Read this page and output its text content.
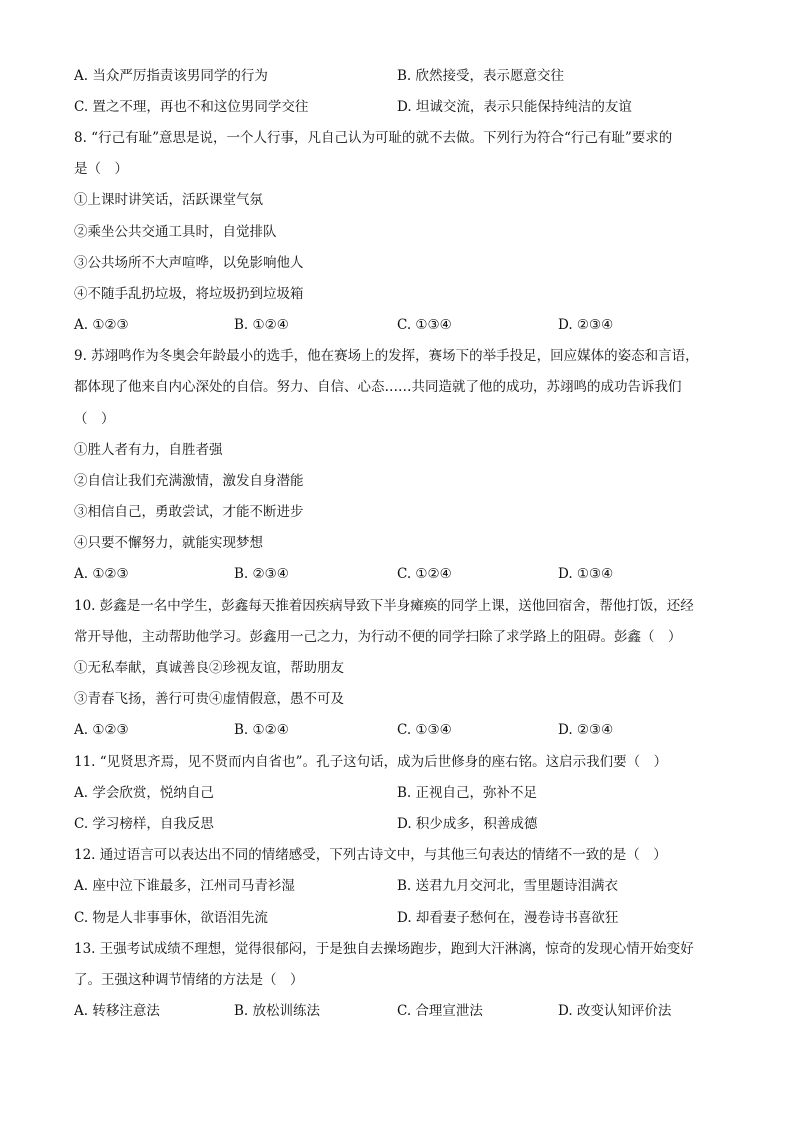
A. 当众严厉指责该男同学的行为	B. 欣然接受，表示愿意交往
C. 置之不理，再也不和这位男同学交往	D. 坦诚交流，表示只能保持纯洁的友谊
8. “行己有耻”意思是说，一个人行事，凡自己认为可耻的就不去做。下列行为符合“行己有耻”要求的
是（　）
①上课时讲笑话，活跃课堂气氛
②乘坐公共交通工具时，自觉排队
③公共场所不大声喧哗，以免影响他人
④不随手乱扔垃圾，将垃圾扔到垃圾箱
A. ①②③	B. ①②④	C. ①③④	D. ②③④
9. 苏翊鸣作为冬奥会年龄最小的选手，他在赛场上的发挥，赛场下的举手投足，回应媒体的姿态和言语，
都体现了他来自内心深处的自信。努力、自信、心态……共同造就了他的成功，苏翊鸣的成功告诉我们
（　）
①胜人者有力，自胜者强
②自信让我们充满激情，激发自身潜能
③相信自己，勇敢尝试，才能不断进步
④只要不懈努力，就能实现梦想
A. ①②③	B. ②③④	C. ①②④	D. ①③④
10. 彭鑫是一名中学生，彭鑫每天推着因疾病导致下半身瘫痪的同学上课，送他回宿舍，帮他打饭，还经
常开导他，主动帮助他学习。彭鑫用一己之力，为行动不便的同学扫除了求学路上的阻碍。彭鑫（　）
①无私奉献，真诚善良②珍视友谊，帮助朋友
③青春飞扬，善行可贵④虚情假意，愚不可及
A. ①②③	B. ①②④	C. ①③④	D. ②③④
11. “见贤思齐焉，见不贤而内自省也”。孔子这句话，成为后世修身的座右铭。这启示我们要（　）
A. 学会欣赏，悦纳自己	B. 正视自己，弥补不足
C. 学习榜样，自我反思	D. 积少成多，积善成德
12. 通过语言可以表达出不同的情绪感受，下列古诗文中，与其他三句表达的情绪不一致的是（　）
A. 座中泣下谁最多，江州司马青衫湿	B. 送君九月交河北，雪里题诗泪满衣
C. 物是人非事事休，欲语泪先流	D. 却看妻子愁何在，漫卷诗书喜欲狂
13. 王强考试成绩不理想，觉得很郁闷，于是独自去操场跑步，跑到大汗淋漓，惊奇的发现心情开始变好
了。王强这种调节情绪的方法是（　）
A. 转移注意法	B. 放松训练法	C. 合理宣泄法	D. 改变认知评价法
